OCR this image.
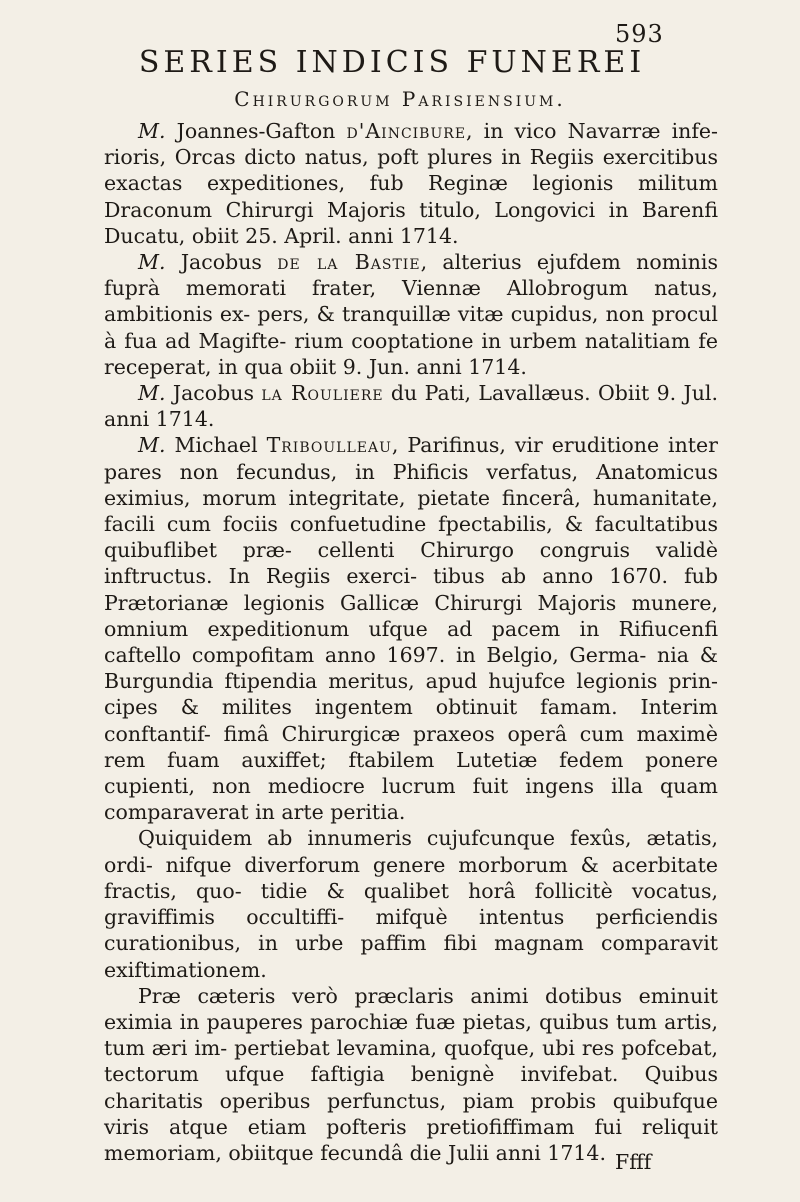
593
SERIES INDICIS FUNEREI
Chirurgorum Parisiensium.

M. Joannes-Gafton d'Aincibure, in vico Navarræ infe- rioris, Orcas dicto natus, poft plures in Regiis exercitibus exactas expeditiones, fub Reginæ legionis militum Draconum Chirurgi Majoris titulo, Longovici in Barenfi Ducatu, obiit 25. April. anni 1714.

M. Jacobus de la Bastie, alterius ejufdem nominis fuprà memorati frater, Viennæ Allobrogum natus, ambitionis ex- pers, & tranquillæ vitæ cupidus, non procul à fua ad Magifte- rium cooptatione in urbem natalitiam fe receperat, in qua obiit 9. Jun. anni 1714.

M. Jacobus la Rouliere du Pati, Lavallæus. Obiit 9. Jul. anni 1714.

M. Michael Triboulleau, Parifinus, vir eruditione inter pares non fecundus, in Phificis verfatus, Anatomicus eximius, morum integritate, pietate fincerâ, humanitate, facili cum fociis confuetudine fpectabilis, & facultatibus quibuflibet præ- cellenti Chirurgo congruis validè inftructus. In Regiis exerci- tibus ab anno 1670. fub Prætorianæ legionis Gallicæ Chirurgi Majoris munere, omnium expeditionum ufque ad pacem in Rifiucenfi caftello compofitam anno 1697. in Belgio, Germa- nia & Burgundia ftipendia meritus, apud hujufce legionis prin- cipes & milites ingentem obtinuit famam. Interim conftantif- fimâ Chirurgicæ praxeos operâ cum maximè rem fuam auxiffet; ftabilem Lutetiæ fedem ponere cupienti, non mediocre lucrum fuit ingens illa quam comparaverat in arte peritia.

Quiquidem ab innumeris cujufcunque fexûs, ætatis, ordi- nifque diverforum genere morborum & acerbitate fractis, quo- tidie & qualibet horâ follicitè vocatus, graviffimis occultiffi- mifquè intentus perficiendis curationibus, in urbe paffim fibi magnam comparavit exiftimationem.

Præ cæteris verò præclaris animi dotibus eminuit eximia in pauperes parochiæ fuæ pietas, quibus tum artis, tum æri im- pertiebat levamina, quofque, ubi res pofcebat, tectorum ufque faftigia benignè invifebat. Quibus charitatis operibus perfunctus, piam probis quibufque viris atque etiam pofteris pretiofiffimam fui reliquit memoriam, obiitque fecundâ die Julii anni 1714. Ffff
